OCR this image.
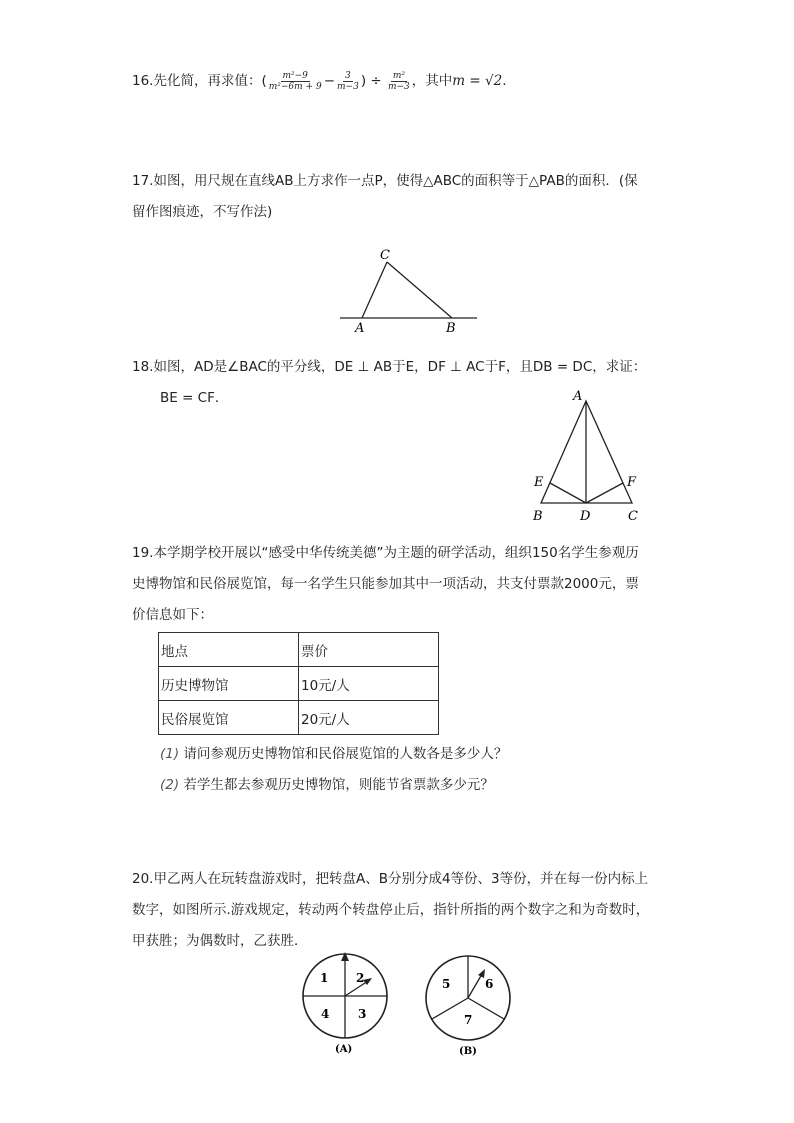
16.先化简，再求值：( $\frac{\text{m²−9}}{\text{m²−6m + 9}} - \frac{3}{m-3}$ ) ÷ $\frac{\text{m²}}{m-3}$ ，其中m = √2.
17.如图，用尺规在直线AB上方求作一点P，使得△ABC的面积等于△PAB的面积．(保
留作图痕迹，不写作法)
C
A	B
18.如图，AD是∠BAC的平分线，DE ⊥ AB于E，DF ⊥ AC于F，且DB = DC，求证：
BE = CF．	A
E	F
B	D	C
19.本学期学校开展以“感受中华传统美德”为主题的研学活动，组织150名学生参观历
史博物馆和民俗展览馆，每一名学生只能参加其中一项活动，共支付票款2000元，票
价信息如下：
地点	票价
历史博物馆	10元/人
民俗展览馆	20元/人
(1) 请问参观历史博物馆和民俗展览馆的人数各是多少人？
(2) 若学生都去参观历史博物馆，则能节省票款多少元？
20.甲乙两人在玩转盘游戏时，把转盘A、B分别分成4等份、3等份，并在每一份内标上
数字，如图所示.游戏规定，转动两个转盘停止后，指针所指的两个数字之和为奇数时，
甲获胜；为偶数时，乙获胜．
1 2
4 3
(A)
5	6
7
(B)
